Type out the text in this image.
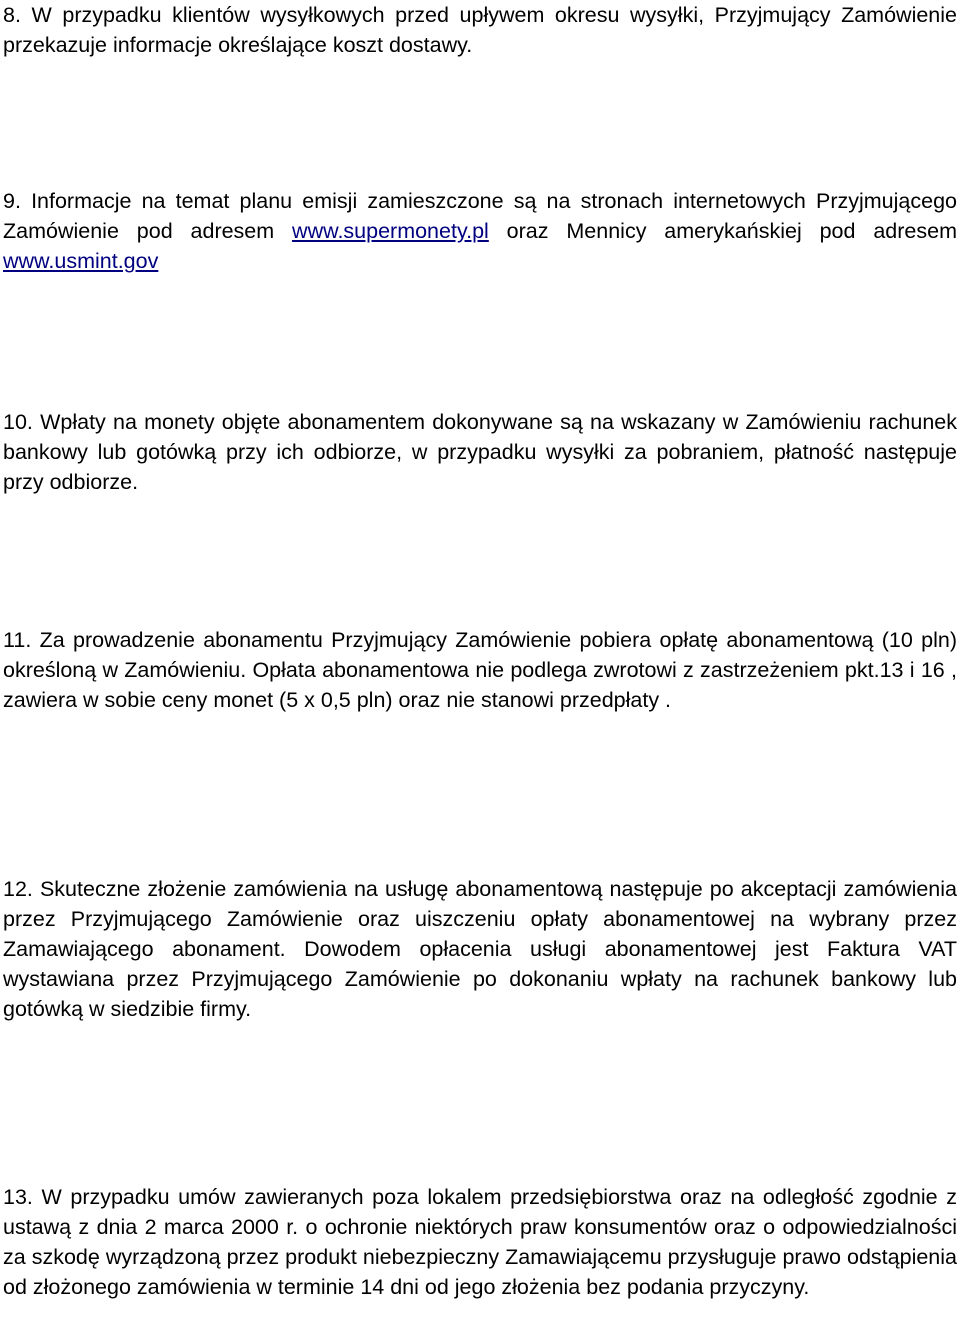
8. W przypadku klientów wysyłkowych przed upływem okresu wysyłki, Przyjmujący Zamówienie przekazuje informacje określające koszt dostawy.

9. Informacje na temat planu emisji zamieszczone są na stronach internetowych Przyjmującego Zamówienie pod adresem www.supermonety.pl oraz Mennicy amerykańskiej pod adresem www.usmint.gov

10. Wpłaty na monety objęte abonamentem dokonywane są na wskazany w Zamówieniu rachunek bankowy lub gotówką przy ich odbiorze, w przypadku wysyłki za pobraniem, płatność następuje przy odbiorze.

11. Za prowadzenie abonamentu Przyjmujący Zamówienie pobiera opłatę abonamentową (10 pln) określoną w Zamówieniu. Opłata abonamentowa nie podlega zwrotowi z zastrzeżeniem pkt.13 i 16 , zawiera w sobie ceny monet (5 x 0,5 pln) oraz nie stanowi przedpłaty .

12. Skuteczne złożenie zamówienia na usługę abonamentową następuje po akceptacji zamówienia przez Przyjmującego Zamówienie oraz uiszczeniu opłaty abonamentowej na wybrany przez Zamawiającego abonament. Dowodem opłacenia usługi abonamentowej jest Faktura VAT wystawiana przez Przyjmującego Zamówienie po dokonaniu wpłaty na rachunek bankowy lub gotówką w siedzibie firmy.

13. W przypadku umów zawieranych poza lokalem przedsiębiorstwa oraz na odległość zgodnie z ustawą z dnia 2 marca 2000 r. o ochronie niektórych praw konsumentów oraz o odpowiedzialności za szkodę wyrządzoną przez produkt niebezpieczny Zamawiającemu przysługuje prawo odstąpienia od złożonego zamówienia w terminie 14 dni od jego złożenia bez podania przyczyny.
